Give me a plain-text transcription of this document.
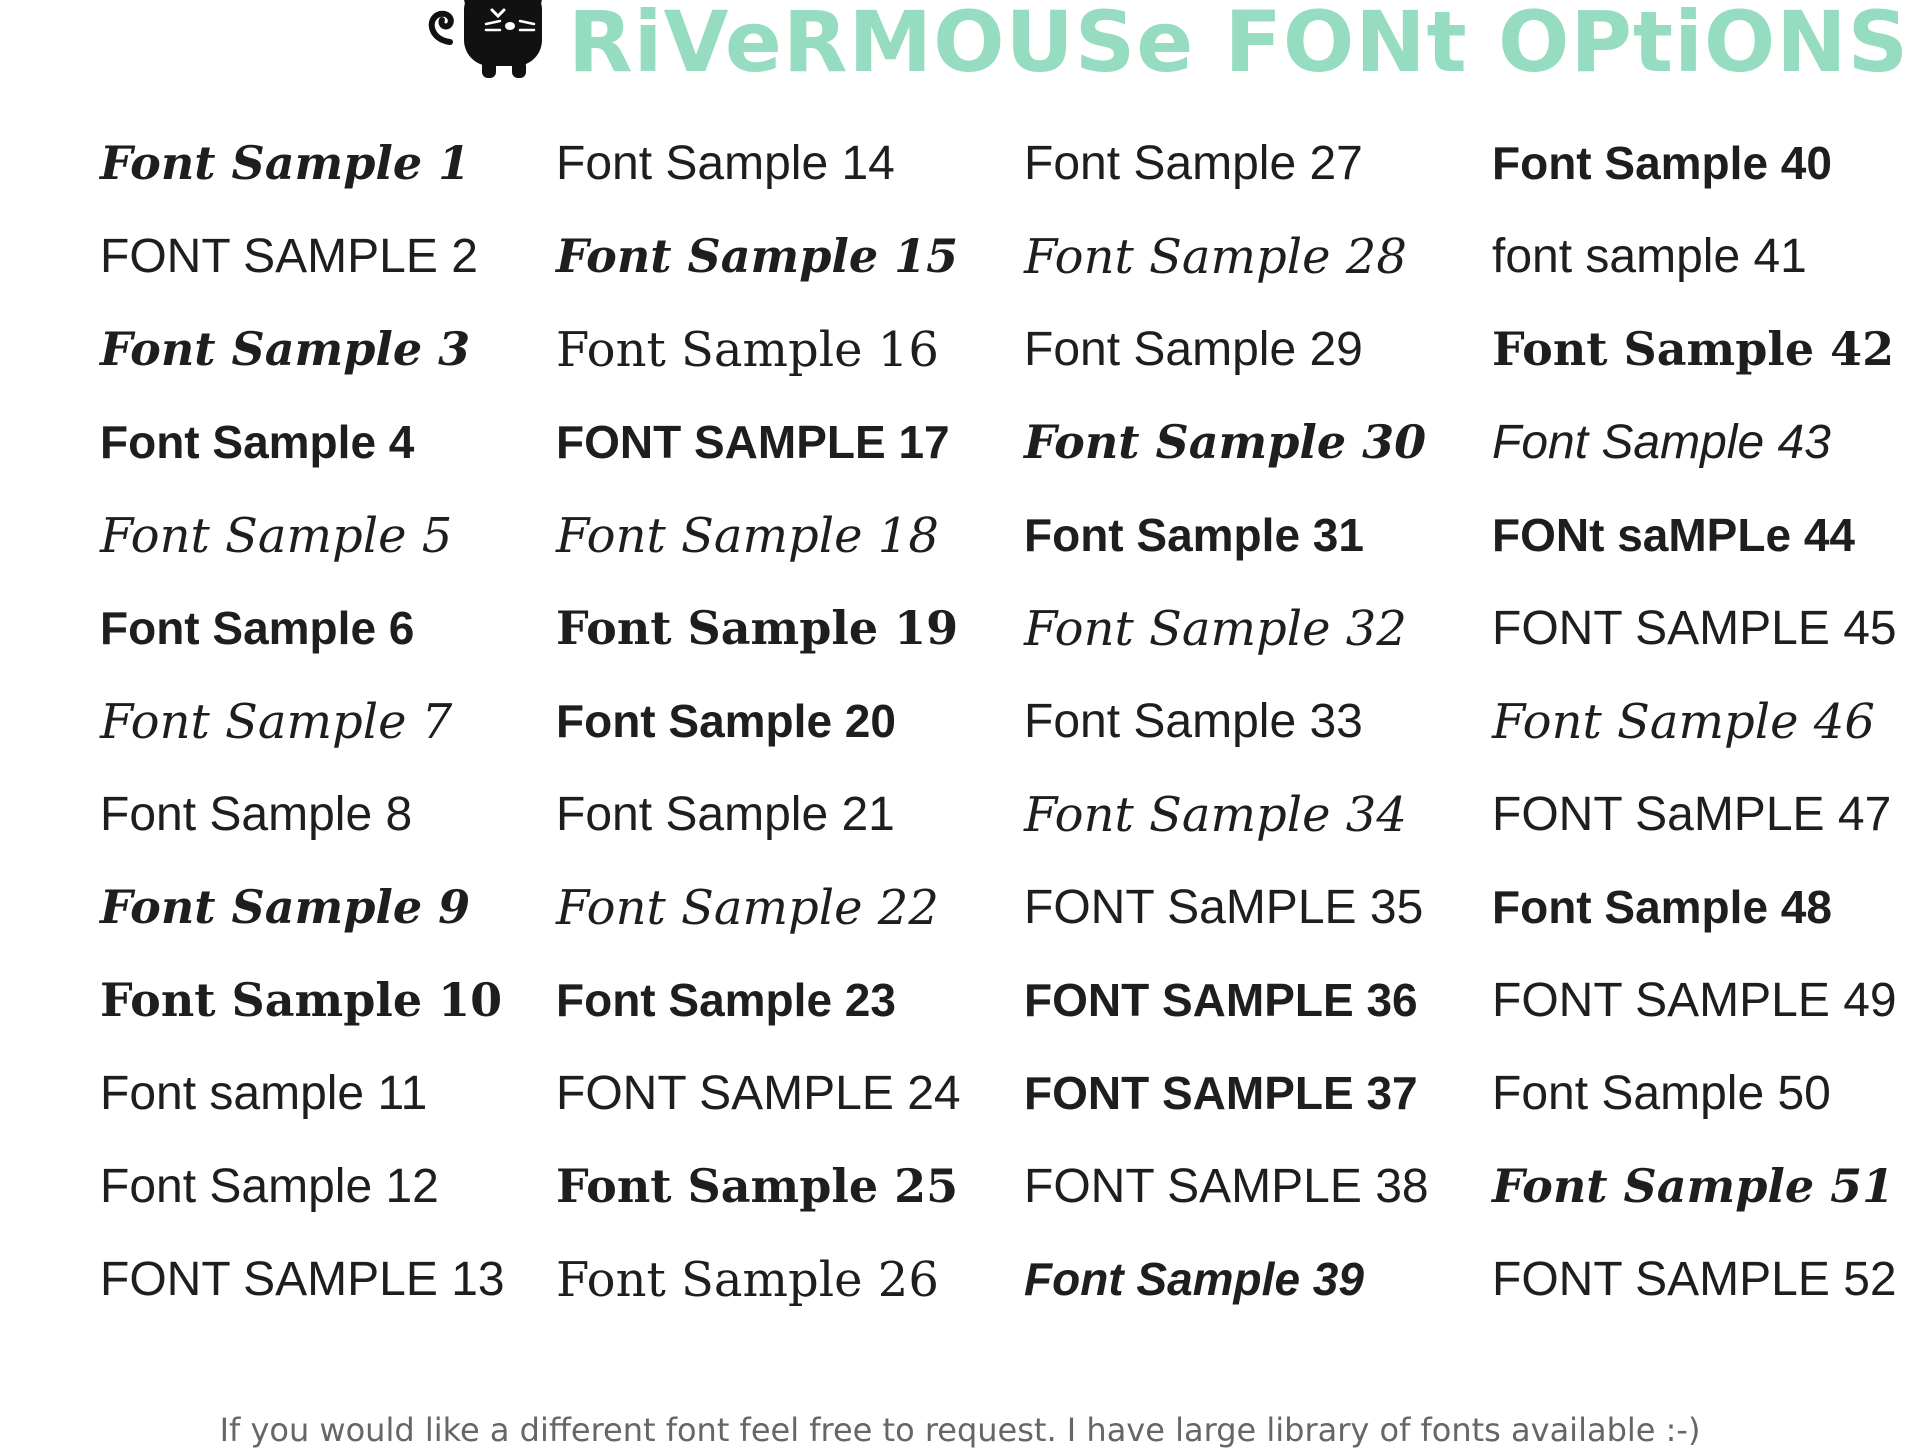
RiVeRMOUSe FONt OPtiONS
Font Sample 1
FONT SAMPLE 2
Font Sample 3
Font Sample 4
Font Sample 5
Font Sample 6
Font Sample 7
Font Sample 8
Font Sample 9
Font Sample 10
Font sample 11
Font Sample 12
FONT SAMPLE 13
Font Sample 14
Font Sample 15
Font Sample 16
FONT SAMPLE 17
Font Sample 18
Font Sample 19
Font Sample 20
Font Sample 21
Font Sample 22
Font Sample 23
FONT SAMPLE 24
Font Sample 25
Font Sample 26
Font Sample 27
Font Sample 28
Font Sample 29
Font Sample 30
Font Sample 31
Font Sample 32
Font Sample 33
Font Sample 34
FONT SaMPLE 35
FONT SAMPLE 36
FONT SAMPLE 37
FONT SAMPLE 38
Font Sample 39
Font Sample 40
font sample 41
Font Sample 42
Font Sample 43
FONt saMPLe 44
FONT SAMPLE 45
Font Sample 46
FONT SaMPLE 47
Font Sample 48
FONT SAMPLE 49
Font Sample 50
Font Sample 51
FONT SAMPLE 52
If you would like a different font feel free to request. I have large library of fonts available :-)
